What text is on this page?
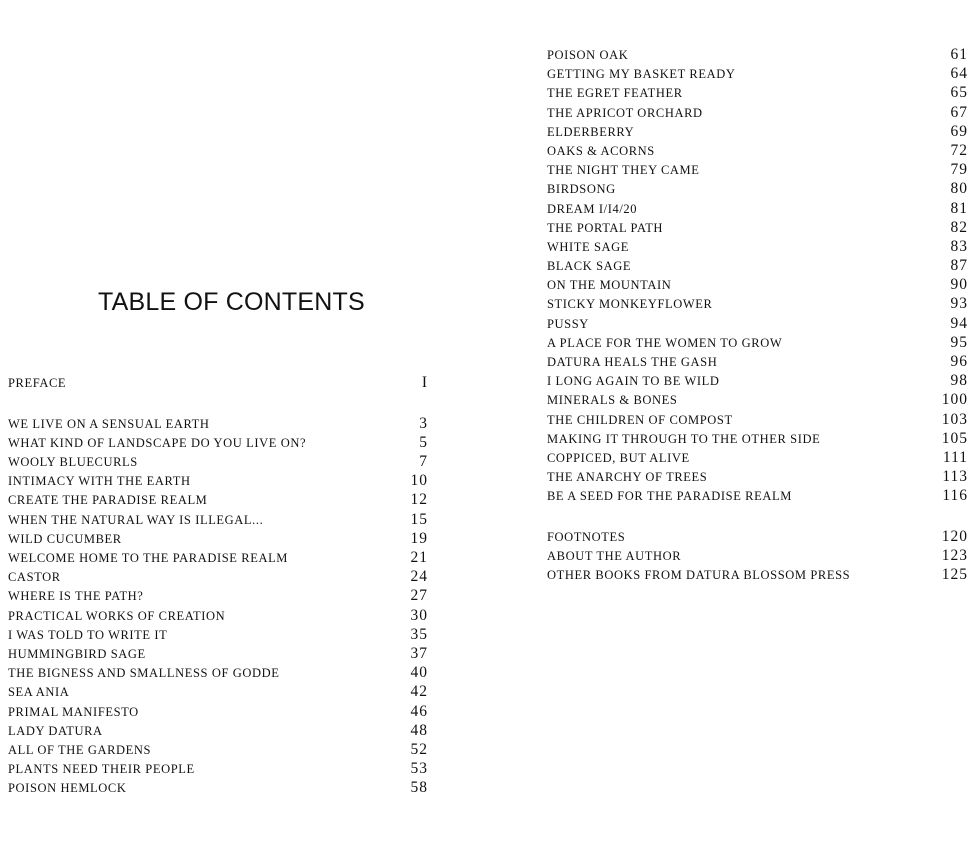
TABLE OF CONTENTS
PREFACE	I
WE LIVE ON A SENSUAL EARTH	3
WHAT KIND OF LANDSCAPE DO YOU LIVE ON?	5
WOOLY BLUECURLS	7
INTIMACY WITH THE EARTH	10
CREATE THE PARADISE REALM	12
WHEN THE NATURAL WAY IS ILLEGAL...	15
WILD CUCUMBER	19
WELCOME HOME TO THE PARADISE REALM	21
CASTOR	24
WHERE IS THE PATH?	27
PRACTICAL WORKS OF CREATION	30
I WAS TOLD TO WRITE IT	35
HUMMINGBIRD SAGE	37
THE BIGNESS AND SMALLNESS OF GODDE	40
SEA ANIA	42
PRIMAL MANIFESTO	46
LADY DATURA	48
ALL OF THE GARDENS	52
PLANTS NEED THEIR PEOPLE	53
POISON HEMLOCK	58
POISON OAK	61
GETTING MY BASKET READY	64
THE EGRET FEATHER	65
THE APRICOT ORCHARD	67
ELDERBERRY	69
OAKS & ACORNS	72
THE NIGHT THEY CAME	79
BIRDSONG	80
DREAM I/I4/20	81
THE PORTAL PATH	82
WHITE SAGE	83
BLACK SAGE	87
ON THE MOUNTAIN	90
STICKY MONKEYFLOWER	93
PUSSY	94
A PLACE FOR THE WOMEN TO GROW	95
DATURA HEALS THE GASH	96
I LONG AGAIN TO BE WILD	98
MINERALS & BONES	100
THE CHILDREN OF COMPOST	103
MAKING IT THROUGH TO THE OTHER SIDE	105
COPPICED, BUT ALIVE	111
THE ANARCHY OF TREES	113
BE A SEED FOR THE PARADISE REALM	116
FOOTNOTES	120
ABOUT THE AUTHOR	123
OTHER BOOKS FROM DATURA BLOSSOM PRESS	125
